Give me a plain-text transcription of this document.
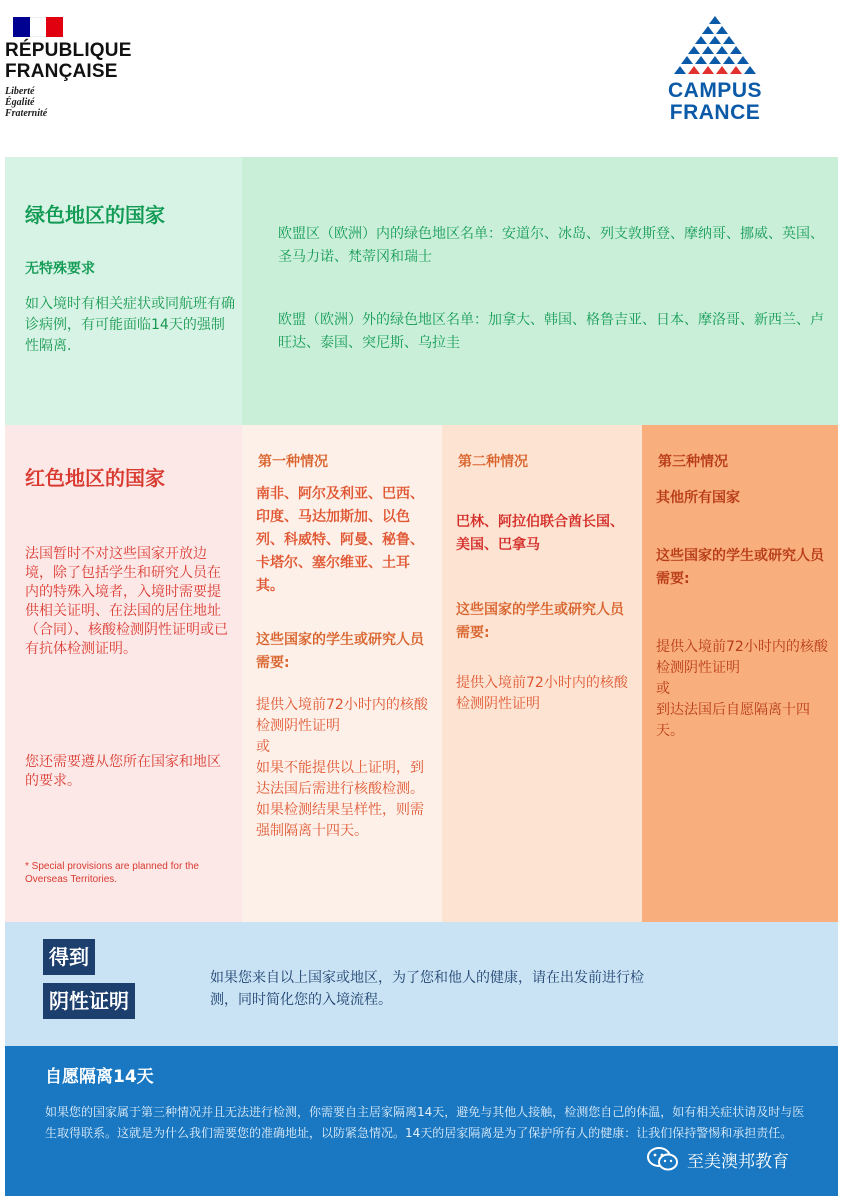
RÉPUBLIQUE
FRANÇAISE
Liberté
Égalité
Fraternité
CAMPUS
FRANCE
绿色地区的国家
无特殊要求
如入境时有相关症状或同航班有确诊病例，有可能面临14天的强制性隔离.
欧盟区（欧洲）内的绿色地区名单：安道尔、冰岛、列支敦斯登、摩纳哥、挪威、英国、圣马力诺、梵蒂冈和瑞士
欧盟（欧洲）外的绿色地区名单：加拿大、韩国、格鲁吉亚、日本、摩洛哥、新西兰、卢旺达、泰国、突尼斯、乌拉圭
红色地区的国家
法国暂时不对这些国家开放边境，除了包括学生和研究人员在内的特殊入境者，入境时需要提供相关证明、在法国的居住地址（合同）、核酸检测阴性证明或已有抗体检测证明。
您还需要遵从您所在国家和地区的要求。
* Special provisions are planned for the Overseas Territories.
第一种情况
南非、阿尔及利亚、巴西、印度、马达加斯加、以色列、科威特、阿曼、秘鲁、卡塔尔、塞尔维亚、土耳其。
这些国家的学生或研究人员需要:
提供入境前72小时内的核酸检测阴性证明
或
如果不能提供以上证明，到达法国后需进行核酸检测。如果检测结果呈样性，则需强制隔离十四天。
第二种情况
巴林、阿拉伯联合酋长国、美国、巴拿马
这些国家的学生或研究人员需要:
提供入境前72小时内的核酸检测阴性证明
第三种情况
其他所有国家
这些国家的学生或研究人员需要:
提供入境前72小时内的核酸检测阴性证明
或
到达法国后自愿隔离十四天。
得到
阴性证明
如果您来自以上国家或地区，为了您和他人的健康，请在出发前进行检测，同时简化您的入境流程。
自愿隔离14天
如果您的国家属于第三种情况并且无法进行检测，你需要自主居家隔离14天，避免与其他人接触，检测您自己的体温，如有相关症状请及时与医生取得联系。这就是为什么我们需要您的准确地址，以防紧急情况。14天的居家隔离是为了保护所有人的健康：让我们保持警惕和承担责任。
至美澳邦教育
